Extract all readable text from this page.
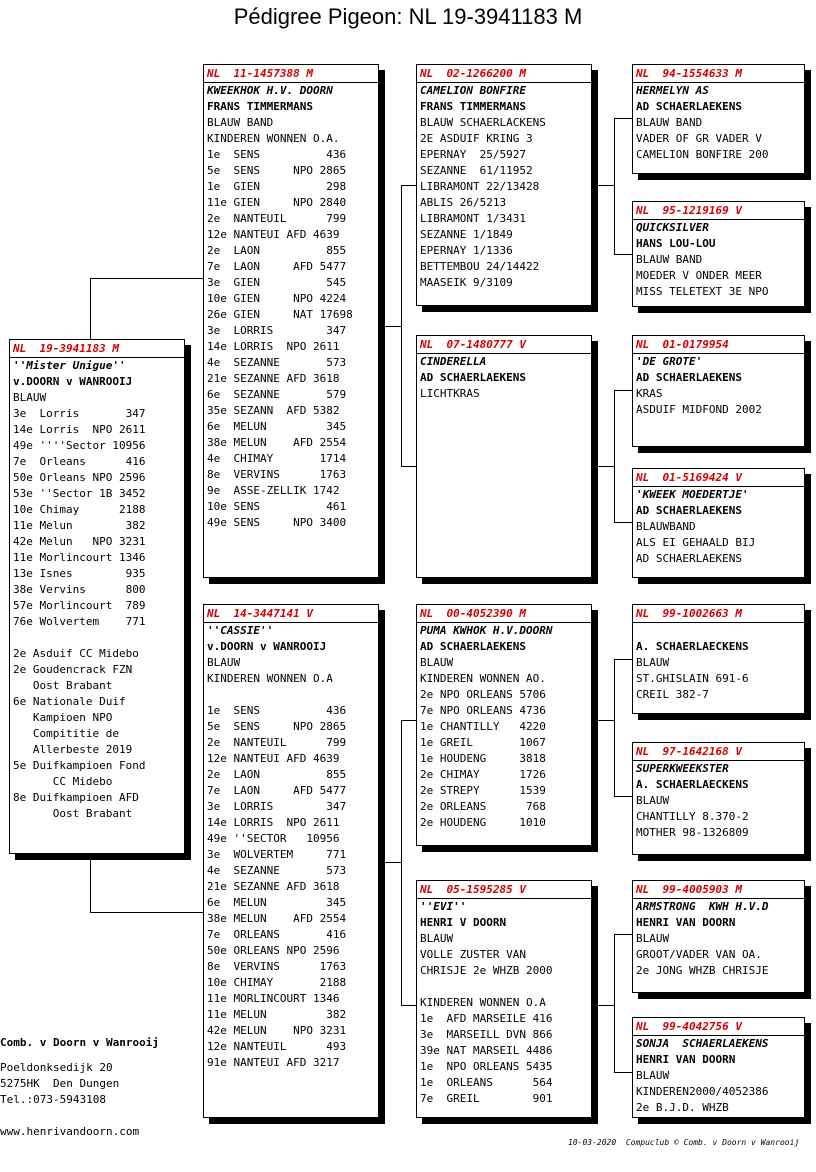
Pédigree Pigeon: NL 19-3941183 M
NL  19-3941183 M
''Mister Unigue''
v.DOORN v WANROOIJ
BLAUW
3e  Lorris       347
14e Lorris  NPO 2611
49e ''''Sector 10956
7e  Orleans      416
50e Orleans NPO 2596
53e ''Sector 1B 3452
10e Chimay      2188
11e Melun        382
42e Melun   NPO 3231
11e Morlincourt 1346
13e Isnes        935
38e Vervins      800
57e Morlincourt  789
76e Wolvertem    771

2e Asduif CC Midebo
2e Goudencrack FZN
Oost Brabant
6e Nationale Duif
Kampioen NPO
Compititie de
Allerbeste 2019
5e Duifkampioen Fond
CC Midebo
8e Duifkampioen AFD
Oost Brabant
NL  11-1457388 M
KWEEKHOK H.V. DOORN
FRANS TIMMERMANS
BLAUW BAND
KINDEREN WONNEN O.A.
1e  SENS          436
5e  SENS     NPO 2865
1e  GIEN          298
11e GIEN     NPO 2840
2e  NANTEUIL      799
12e NANTEUI AFD 4639
2e  LAON          855
7e  LAON     AFD 5477
3e  GIEN          545
10e GIEN     NPO 4224
26e GIEN     NAT 17698
3e  LORRIS        347
14e LORRIS  NPO 2611
4e  SEZANNE       573
21e SEZANNE AFD 3618
6e  SEZANNE       579
35e SEZANN  AFD 5382
6e  MELUN         345
38e MELUN    AFD 2554
4e  CHIMAY       1714
8e  VERVINS      1763
9e  ASSE-ZELLIK 1742
10e SENS          461
49e SENS     NPO 3400
NL  14-3447141 V
''CASSIE''
v.DOORN v WANROOIJ
BLAUW
KINDEREN WONNEN O.A

1e  SENS          436
5e  SENS     NPO 2865
2e  NANTEUIL      799
12e NANTEUI AFD 4639
2e  LAON          855
7e  LAON     AFD 5477
3e  LORRIS        347
14e LORRIS  NPO 2611
49e ''SECTOR   10956
3e  WOLVERTEM     771
4e  SEZANNE       573
21e SEZANNE AFD 3618
6e  MELUN         345
38e MELUN    AFD 2554
7e  ORLEANS       416
50e ORLEANS NPO 2596
8e  VERVINS      1763
10e CHIMAY       2188
11e MORLINCOURT 1346
11e MELUN         382
42e MELUN    NPO 3231
12e NANTEUIL      493
91e NANTEUI AFD 3217
NL  02-1266200 M
CAMELION BONFIRE
FRANS TIMMERMANS
BLAUW SCHAERLACKENS
2E ASDUIF KRING 3
EPERNAY  25/5927
SEZANNE  61/11952
LIBRAMONT 22/13428
ABLIS 26/5213
LIBRAMONT 1/3431
SEZANNE 1/1849
EPERNAY 1/1336
BETTEMBOU 24/14422
MAASEIK 9/3109
NL  07-1480777 V
CINDERELLA
AD SCHAERLAEKENS
LICHTKRAS
NL  00-4052390 M
PUMA KWHOK H.V.DOORN
AD SCHAERLAEKENS
BLAUW
KINDEREN WONNEN AO.
2e NPO ORLEANS 5706
7e NPO ORLEANS 4736
1e CHANTILLY   4220
1e GREIL       1067
1e HOUDENG     3818
2e CHIMAY      1726
2e STREPY      1539
2e ORLEANS      768
2e HOUDENG     1010
NL  05-1595285 V
''EVI''
HENRI V DOORN
BLAUW
VOLLE ZUSTER VAN
CHRISJE 2e WHZB 2000

KINDEREN WONNEN O.A
1e  AFD MARSEILE 416
3e  MARSEILL DVN 866
39e NAT MARSEIL 4486
1e  NPO ORLEANS 5435
1e  ORLEANS      564
7e  GREIL        901
NL  94-1554633 M
HERMELYN AS
AD SCHAERLAEKENS
BLAUW BAND
VADER OF GR VADER V
CAMELION BONFIRE 200
NL  95-1219169 V
QUICKSILVER
HANS LOU-LOU
BLAUW BAND
MOEDER V ONDER MEER
MISS TELETEXT 3E NPO
NL  01-0179954
'DE GROTE'
AD SCHAERLAEKENS
KRAS
ASDUIF MIDFOND 2002
NL  01-5169424 V
'KWEEK MOEDERTJE'
AD SCHAERLAEKENS
BLAUWBAND
ALS EI GEHAALD BIJ
AD SCHAERLAEKENS
NL  99-1002663 M

A. SCHAERLAECKENS
BLAUW
ST.GHISLAIN 691-6
CREIL 382-7
NL  97-1642168 V
SUPERKWEEKSTER
A. SCHAERLAECKENS
BLAUW
CHANTILLY 8.370-2
MOTHER 98-1326809
NL  99-4005903 M
ARMSTRONG  KWH H.V.D
HENRI VAN DOORN
BLAUW
GROOT/VADER VAN OA.
2e JONG WHZB CHRISJE
NL  99-4042756 V
SONJA  SCHAERLAEKENS
HENRI VAN DOORN
BLAUW
KINDEREN2000/4052386
2e B.J.D. WHZB
Comb. v Doorn v Wanrooij
Poeldonksedijk 20
5275HK  Den Dungen
Tel.:073-5943108
www.henrivandoorn.com
10-03-2020 Compuclub © Comb. v Doorn v Wanrooij
